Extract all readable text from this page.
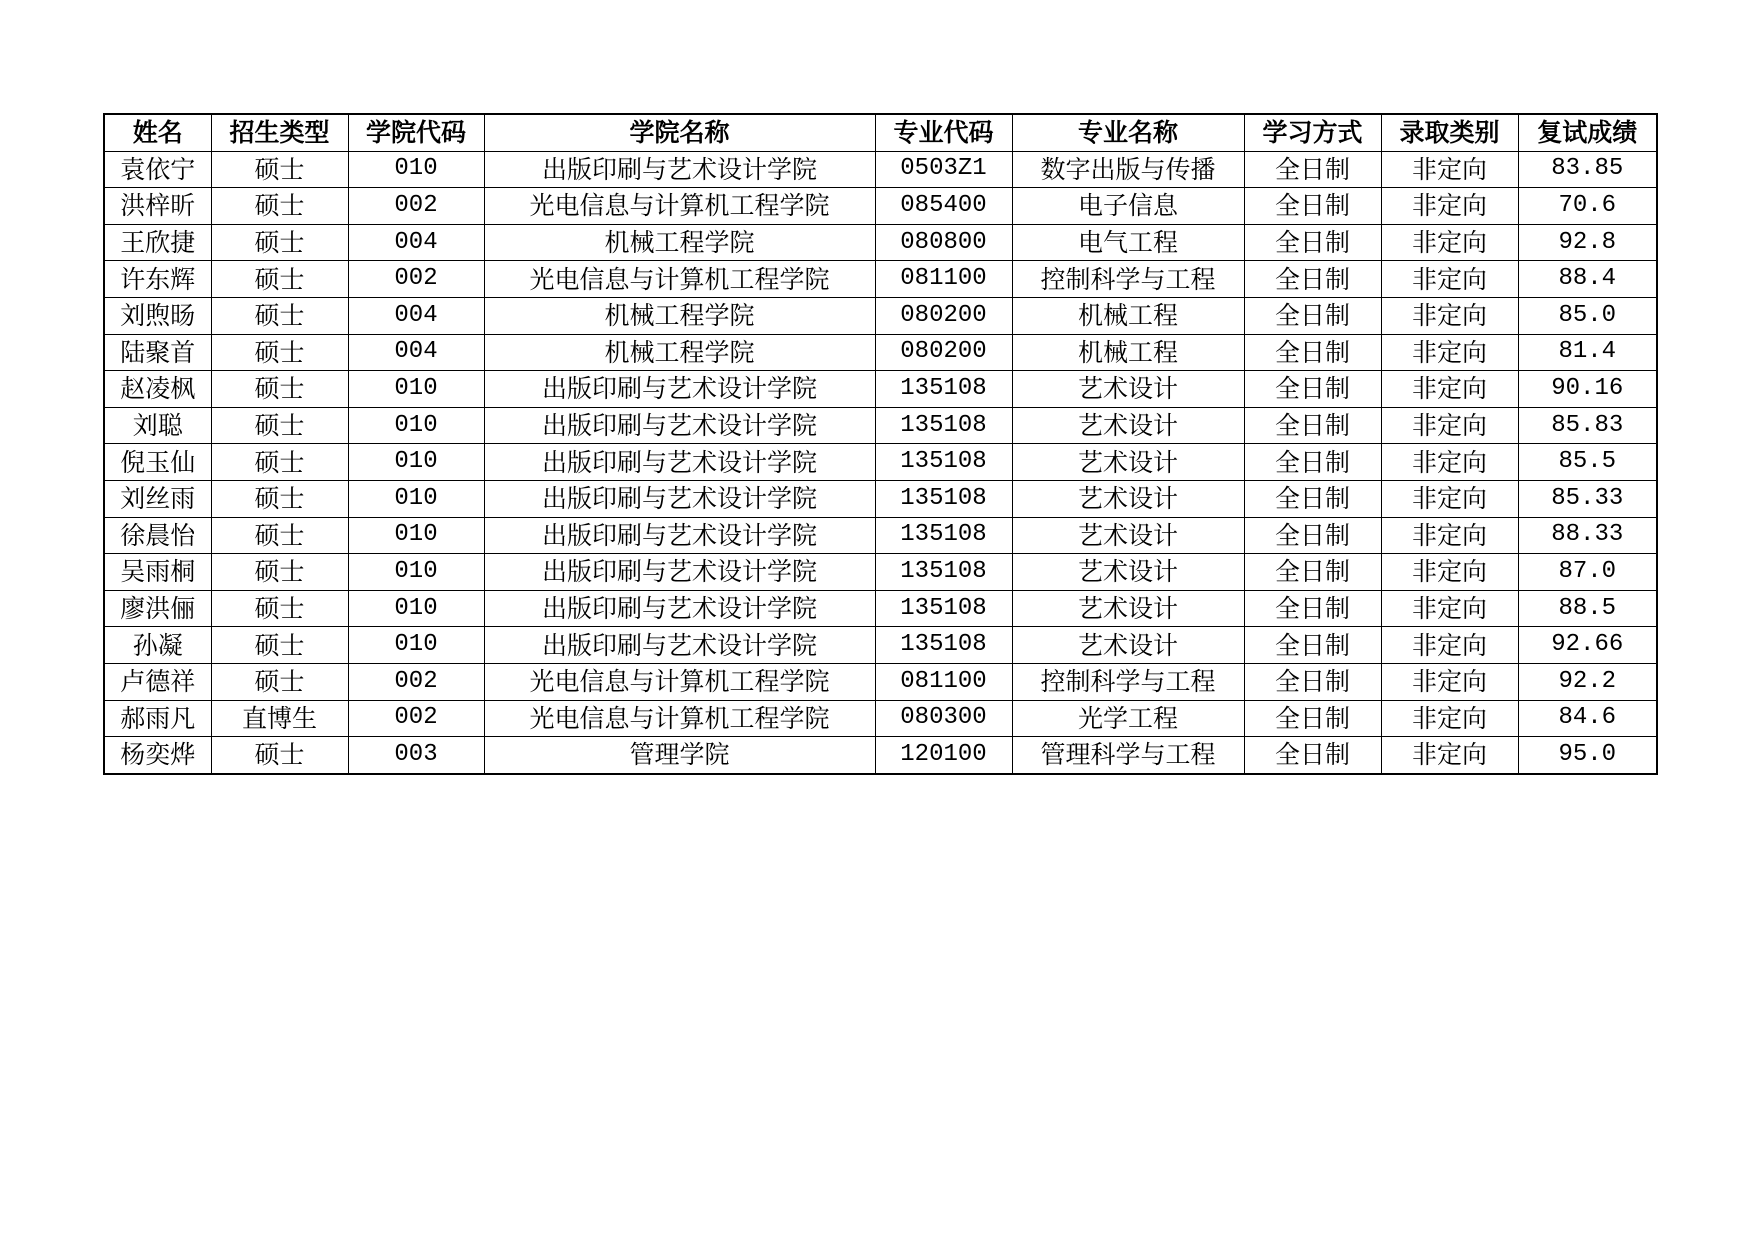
姓名	招生类型	学院代码	学院名称	专业代码	专业名称	学习方式	录取类别	复试成绩
袁依宁	硕士	010	出版印刷与艺术设计学院	0503Z1	数字出版与传播	全日制	非定向	83.85
洪梓昕	硕士	002	光电信息与计算机工程学院	085400	电子信息	全日制	非定向	70.6
王欣捷	硕士	004	机械工程学院	080800	电气工程	全日制	非定向	92.8
许东辉	硕士	002	光电信息与计算机工程学院	081100	控制科学与工程	全日制	非定向	88.4
刘煦旸	硕士	004	机械工程学院	080200	机械工程	全日制	非定向	85.0
陆聚首	硕士	004	机械工程学院	080200	机械工程	全日制	非定向	81.4
赵凌枫	硕士	010	出版印刷与艺术设计学院	135108	艺术设计	全日制	非定向	90.16
刘聪	硕士	010	出版印刷与艺术设计学院	135108	艺术设计	全日制	非定向	85.83
倪玉仙	硕士	010	出版印刷与艺术设计学院	135108	艺术设计	全日制	非定向	85.5
刘丝雨	硕士	010	出版印刷与艺术设计学院	135108	艺术设计	全日制	非定向	85.33
徐晨怡	硕士	010	出版印刷与艺术设计学院	135108	艺术设计	全日制	非定向	88.33
吴雨桐	硕士	010	出版印刷与艺术设计学院	135108	艺术设计	全日制	非定向	87.0
廖洪俪	硕士	010	出版印刷与艺术设计学院	135108	艺术设计	全日制	非定向	88.5
孙凝	硕士	010	出版印刷与艺术设计学院	135108	艺术设计	全日制	非定向	92.66
卢德祥	硕士	002	光电信息与计算机工程学院	081100	控制科学与工程	全日制	非定向	92.2
郝雨凡	直博生	002	光电信息与计算机工程学院	080300	光学工程	全日制	非定向	84.6
杨奕烨	硕士	003	管理学院	120100	管理科学与工程	全日制	非定向	95.0
